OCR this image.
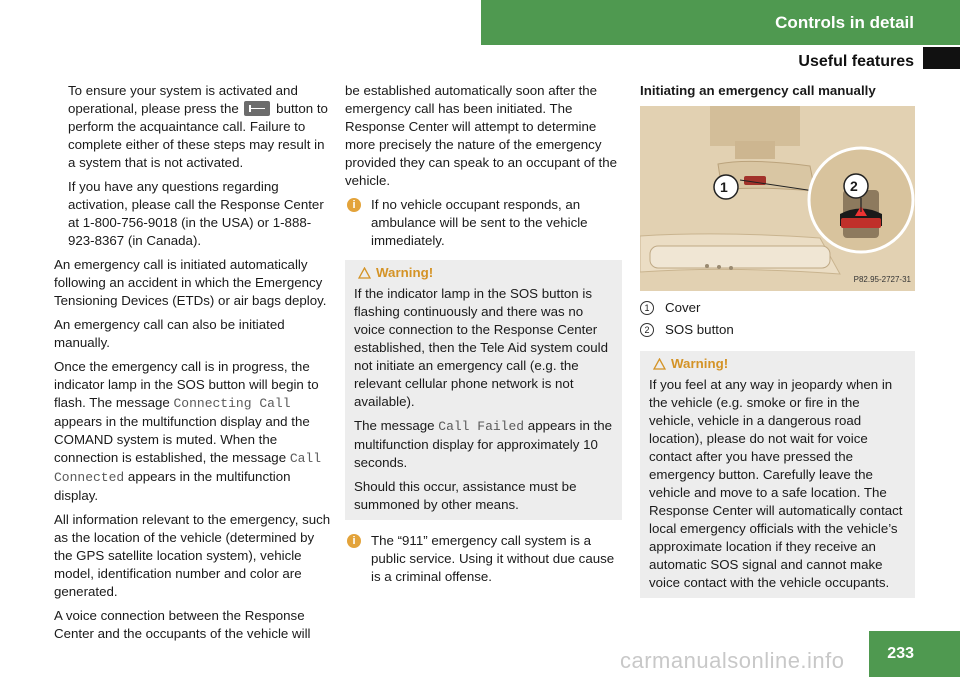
Controls in detail
Useful features

To ensure your system is activated and operational, please press the	button to perform the acquaintance call. Failure to complete either of these steps may result in a system that is not activated.

If you have any questions regarding activation, please call the Response Center at 1-800-756-9018 (in the USA) or 1-888-923-8367 (in Canada).

An emergency call is initiated automatically following an accident in which the Emergency Tensioning Devices (ETDs) or air bags deploy.

An emergency call can also be initiated manually.

Once the emergency call is in progress, the indicator lamp in the SOS button will begin to flash. The message Connecting Call appears in the multifunction display and the COMAND system is muted. When the connection is established, the message Call Connected appears in the multifunction display.

All information relevant to the emergency, such as the location of the vehicle (determined by the GPS satellite location system), vehicle model, identification number and color are generated.

A voice connection between the Response Center and the occupants of the vehicle will

be established automatically soon after the emergency call has been initiated. The Response Center will attempt to determine more precisely the nature of the emergency provided they can speak to an occupant of the vehicle.

i	If no vehicle occupant responds, an ambulance will be sent to the vehicle immediately.
Warning!

If the indicator lamp in the SOS button is flashing continuously and there was no voice connection to the Response Center established, then the Tele Aid system could not initiate an emergency call (e.g. the relevant cellular phone network is not available).

The message Call Failed appears in the multifunction display for approximately 10 seconds.

Should this occur, assistance must be summoned by other means.

i	The “911” emergency call system is a public service. Using it without due cause is a criminal offense.

Initiating an emergency call manually

1	2
P82.95-2727-31
1	Cover
2	SOS button
Warning!

If you feel at any way in jeopardy when in the vehicle (e.g. smoke or fire in the vehicle, vehicle in a dangerous road location), please do not wait for voice contact after you have pressed the emergency button. Carefully leave the vehicle and move to a safe location. The Response Center will automatically contact local emergency officials with the vehicle’s approximate location if they receive an automatic SOS signal and cannot make voice contact with the vehicle occupants.

233
carmanualsonline.info
